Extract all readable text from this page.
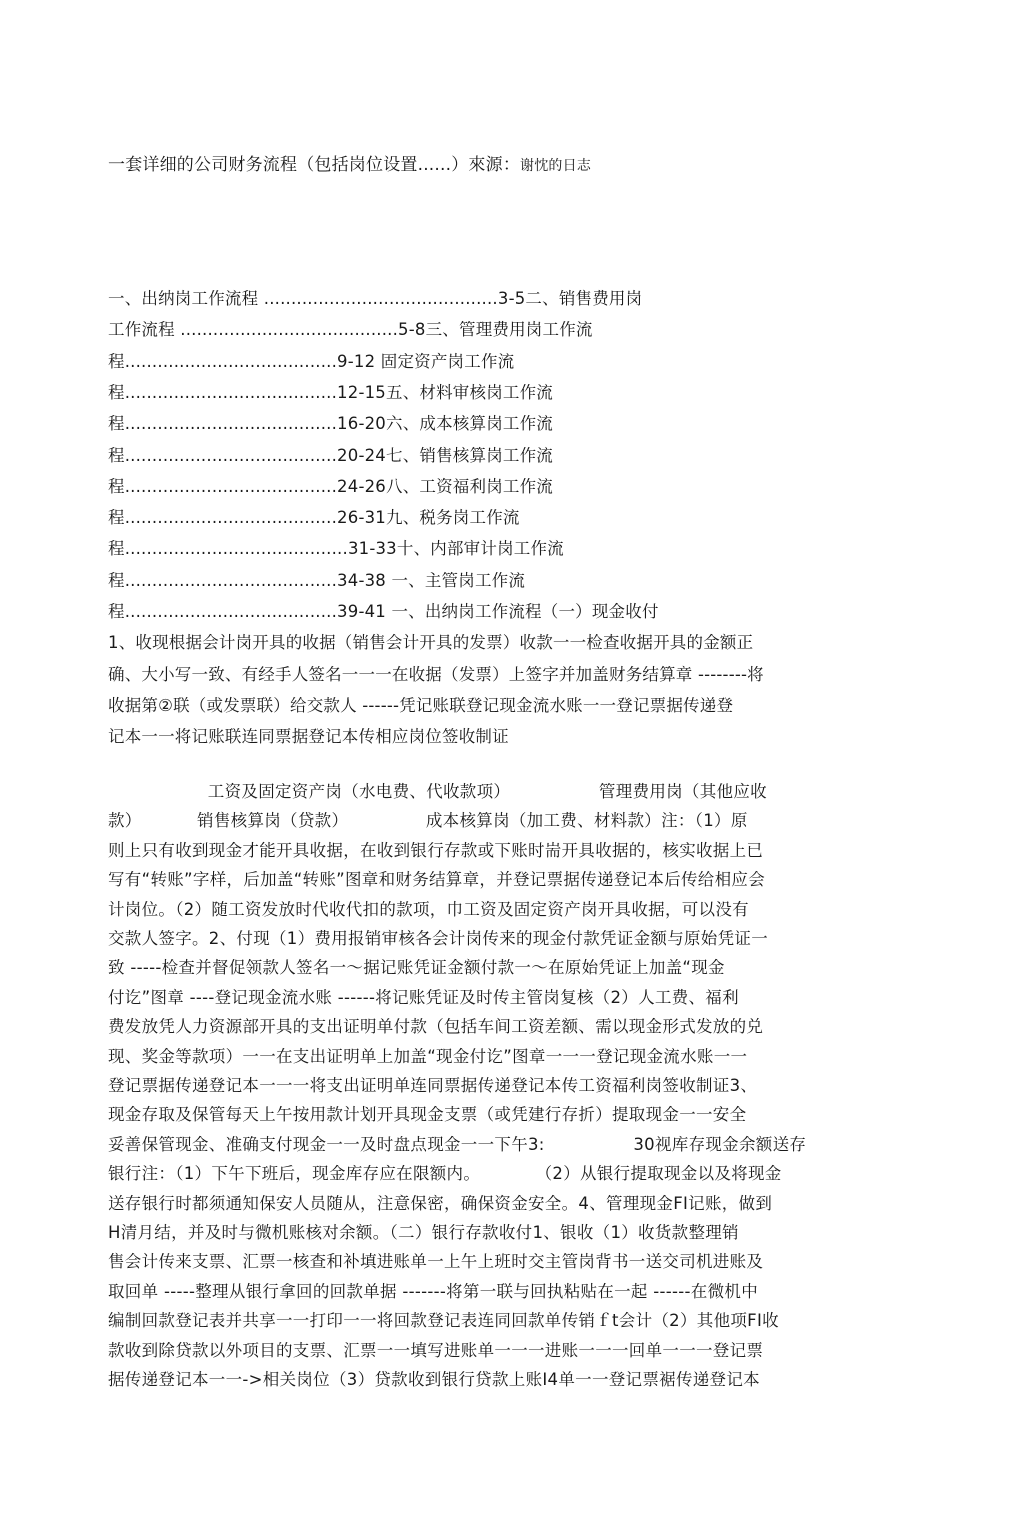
一套详细的公司财务流程（包括岗位设置......）來源：谢忱的日志
一、出纳岗工作流程 ...........................................3-5二、销售费用岗
工作流程 ........................................5-8三、管理费用岗工作流
程.......................................9-12 固定资产岗工作流
程.......................................12-15五、材料审核岗工作流
程.......................................16-20六、成本核算岗工作流
程.......................................20-24七、销售核算岗工作流
程.......................................24-26八、工资福利岗工作流
程.......................................26-31九、税务岗工作流
程.........................................31-33十、内部审计岗工作流
程.......................................34-38 一、主管岗工作流
程.......................................39-41 一、出纳岗工作流程（一）现金收付
1、收现根据会计岗开具的收据（销售会计开具的发票）收款一一检查收据开具的金额正
确、大小写一致、有经手人签名一一一在收据（发票）上签字并加盖财务结算章 --------将
收据第②联（或发票联）给交款人 ------凭记账联登记现金流水账一一登记票据传递登
记本一一将记账联连同票据登记本传相应岗位签收制证
工资及固定资产岗（水电费、代收款项）                管理费用岗（其他应收
款）          销售核算岗（贷款）              成本核算岗（加工费、材料款）注：（1）原
则上只有收到现金才能开具收据，在收到银行存款或下账时耑开具收据的，核实收据上已
写有“转账”字样，后加盖“转账”图章和财务结算章，并登记票据传递登记本后传给相应会
计岗位。（2）随工资发放时代收代扣的款项，巾工资及固定资产岗开具收据，可以没有
交款人签字。2、付现（1）费用报销审核各会计岗传来的现金付款凭证金额与原始凭证一
致 -----检查并督促领款人签名一～据记账凭证金额付款一～在原始凭证上加盖“现金
付讫”图章 ----登记现金流水账 ------将记账凭证及时传主管岗复核（2）人工费、福利
费发放凭人力资源部开具的支出证明单付款（包括车间工资差额、需以现金形式发放的兑
现、奖金等款项）一一在支出证明单上加盖“现金付讫”图章一一一登记现金流水账一一
登记票据传递登记本一一一将支出证明单连同票据传递登记本传工资福利岗签收制证3、
现金存取及保管每天上午按用款计划开具现金支票（或凭建行存折）提取现金一一安全
妥善保管现金、准确支付现金一一及时盘点现金一一下午3:                30视库存现金余额送存
银行注：（1）下午下班后，现金库存应在限额内。          （2）从银行提取现金以及将现金
送存银行时都须通知保安人员随从，注意保密，确保资金安全。4、管理现金FI记账，做到
H清月结，并及时与微机账核对余额。（二）银行存款收付1、银收（1）收货款整理销
售会计传来支票、汇票一核查和补填进账单一上午上班时交主管岗背书一送交司机进账及
取回单 -----整理从银行拿回的回款单据 -------将第一联与回执粘贴在一起 ------在微机中
编制回款登记表并共享一一打印一一将回款登记表连同回款单传销ｆt会计（2）其他项FI收
款收到除贷款以外项目的支票、汇票一一填写进账单一一一进账一一一回单一一一登记票
据传递登记本一一->相关岗位（3）贷款收到银行贷款上账I4单一一登记票裾传递登记本
